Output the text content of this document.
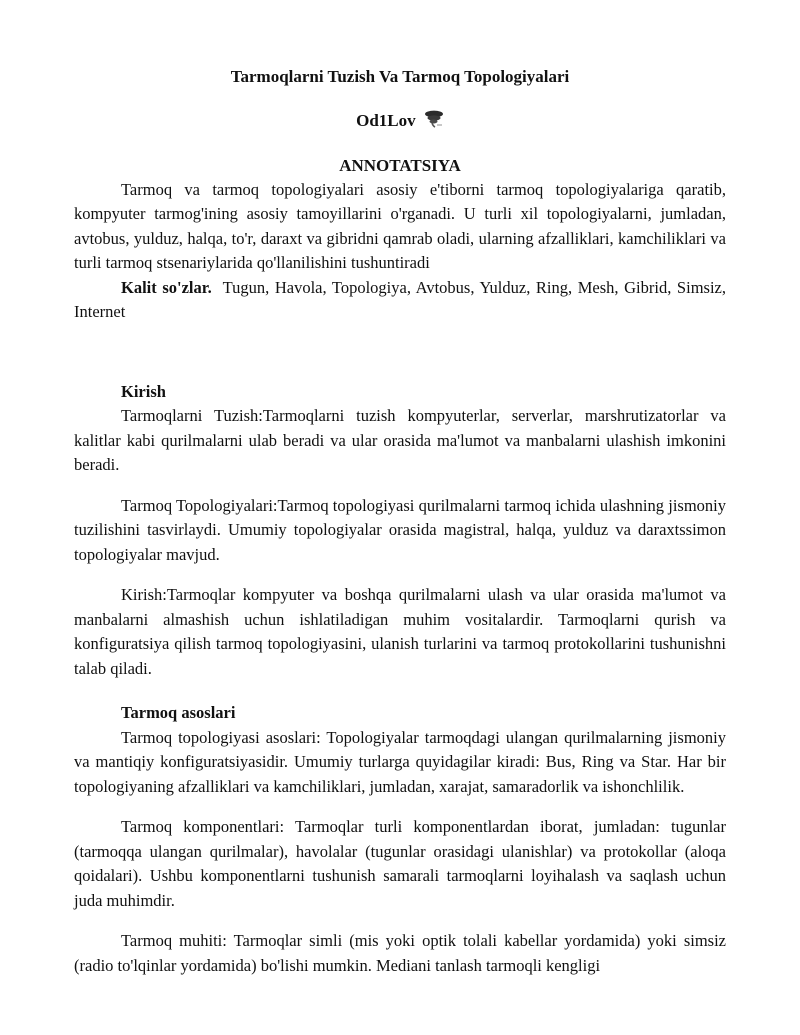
Tarmoqlarni Tuzish Va Tarmoq Topologiyalari
Od1Lov
ANNOTATSIYA

Tarmoq va tarmoq topologiyalari asosiy e'tiborni tarmoq topologiyalariga qaratib, kompyuter tarmog'ining asosiy tamoyillarini o'rganadi. U turli xil topologiyalarni, jumladan, avtobus, yulduz, halqa, to'r, daraxt va gibridni qamrab oladi, ularning afzalliklari, kamchiliklari va turli tarmoq stsenariylarida qo'llanilishini tushuntiradi

Kalit so'zlar. Tugun, Havola, Topologiya, Avtobus, Yulduz, Ring, Mesh, Gibrid, Simsiz, Internet

Kirish

Tarmoqlarni Tuzish:Tarmoqlarni tuzish kompyuterlar, serverlar, marshrutizatorlar va kalitlar kabi qurilmalarni ulab beradi va ular orasida ma'lumot va manbalarni ulashish imkonini beradi.

Tarmoq Topologiyalari:Tarmoq topologiyasi qurilmalarni tarmoq ichida ulashning jismoniy tuzilishini tasvirlaydi. Umumiy topologiyalar orasida magistral, halqa, yulduz va daraxtssimon topologiyalar mavjud.

Kirish:Tarmoqlar kompyuter va boshqa qurilmalarni ulash va ular orasida ma'lumot va manbalarni almashish uchun ishlatiladigan muhim vositalardir. Tarmoqlarni qurish va konfiguratsiya qilish tarmoq topologiyasini, ulanish turlarini va tarmoq protokollarini tushunishni talab qiladi.

Tarmoq asoslari

Tarmoq topologiyasi asoslari: Topologiyalar tarmoqdagi ulangan qurilmalarning jismoniy va mantiqiy konfiguratsiyasidir. Umumiy turlarga quyidagilar kiradi: Bus, Ring va Star. Har bir topologiyaning afzalliklari va kamchiliklari, jumladan, xarajat, samaradorlik va ishonchlilik.

Tarmoq komponentlari: Tarmoqlar turli komponentlardan iborat, jumladan: tugunlar (tarmoqqa ulangan qurilmalar), havolalar (tugunlar orasidagi ulanishlar) va protokollar (aloqa qoidalari). Ushbu komponentlarni tushunish samarali tarmoqlarni loyihalash va saqlash uchun juda muhimdir.

Tarmoq muhiti: Tarmoqlar simli (mis yoki optik tolali kabellar yordamida) yoki simsiz (radio to'lqinlar yordamida) bo'lishi mumkin. Mediani tanlash tarmoqli kengligi
